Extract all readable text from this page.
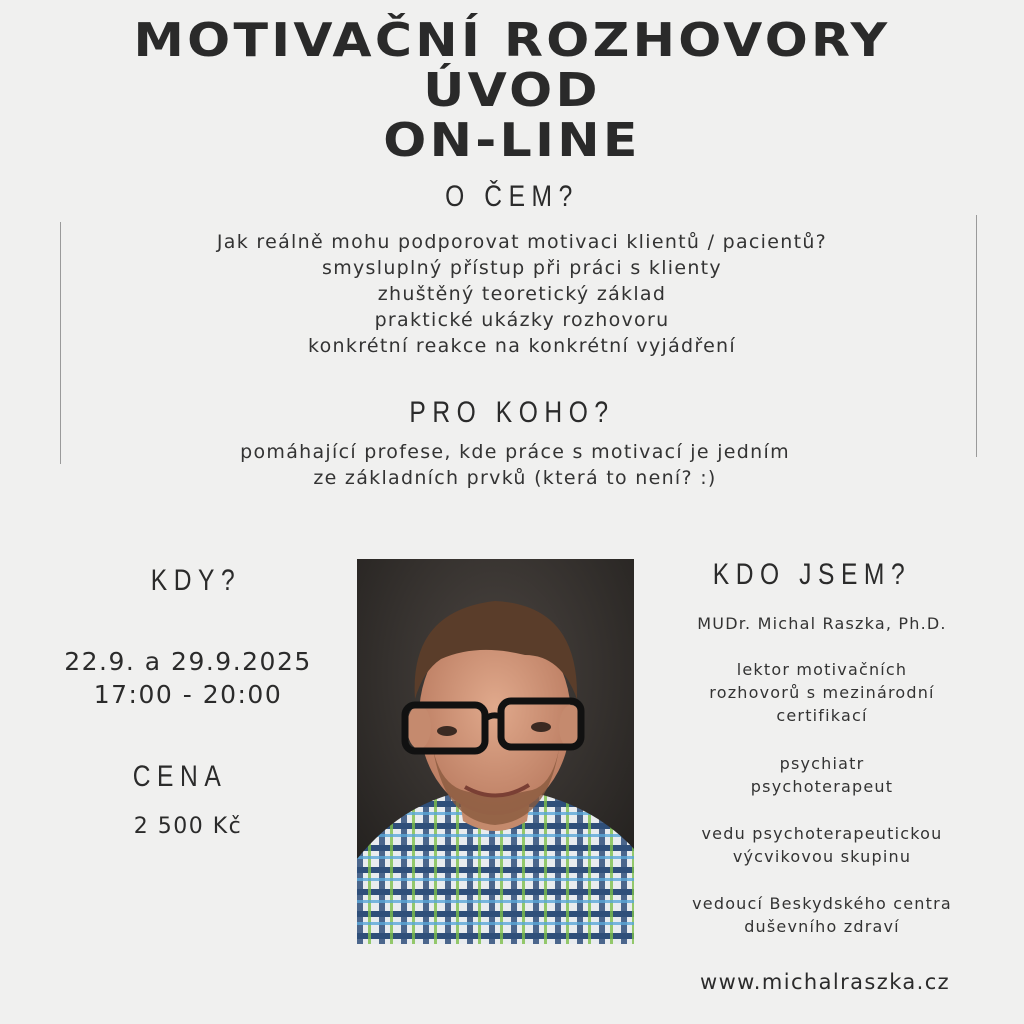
MOTIVAČNÍ ROZHOVORY
ÚVOD
ON-LINE
O ČEM?
Jak reálně mohu podporovat motivaci klientů / pacientů?
smysluplný přístup při práci s klienty
zhuštěný teoretický základ
praktické ukázky rozhovoru
konkrétní reakce na konkrétní vyjádření
PRO KOHO?
pomáhající profese, kde práce s motivací je jedním
ze základních prvků (která to není? :)
KDY?
22.9. a 29.9.2025
17:00 - 20:00
CENA
2 500 Kč
KDO JSEM?
MUDr. Michal Raszka, Ph.D.
lektor motivačních
rozhovorů s mezinárodní
certifikací
psychiatr
psychoterapeut
vedu psychoterapeutickou
výcvikovou skupinu
vedoucí Beskydského centra
duševního zdraví
www.michalraszka.cz
